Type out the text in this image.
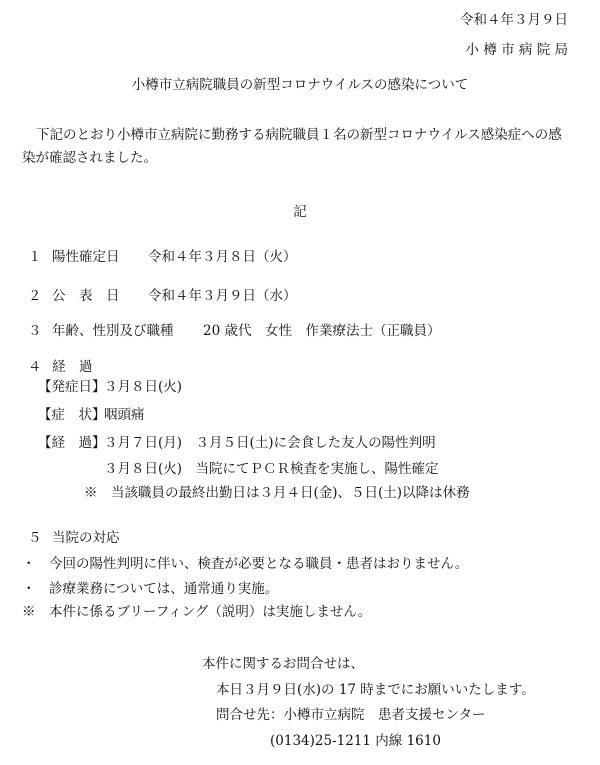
令和４年３月９日
小 樽 市 病 院 局
小樽市立病院職員の新型コロナウイルスの感染について
下記のとおり小樽市立病院に勤務する病院職員１名の新型コロナウイルス感染症への感
染が確認されました。
記
１ 陽性確定日 令和４年３月８日（火）
２ 公　表　日 令和４年３月９日（水）
３ 年齢、性別及び職種 20 歳代　女性　作業療法士（正職員）
４ 経　過
【発症日】
３月８日(火)
【症　状】
咽頭痛
【経　過】
３月７日(月)　３月５日(土)に会食した友人の陽性判明
３月８日(火)　当院にてＰＣＲ検査を実施し、陽性確定
※　当該職員の最終出勤日は３月４日(金)、５日(土)以降は休務
５ 当院の対応
・　今回の陽性判明に伴い、検査が必要となる職員・患者はおりません。
・　診療業務については、通常通り実施。
※　本件に係るブリーフィング（説明）は実施しません。
本件に関するお問合せは、
本日３月９日(水)の 17 時までにお願いいたします。
問合せ先：小樽市立病院　患者支援センター
(0134)25-1211 内線 1610
